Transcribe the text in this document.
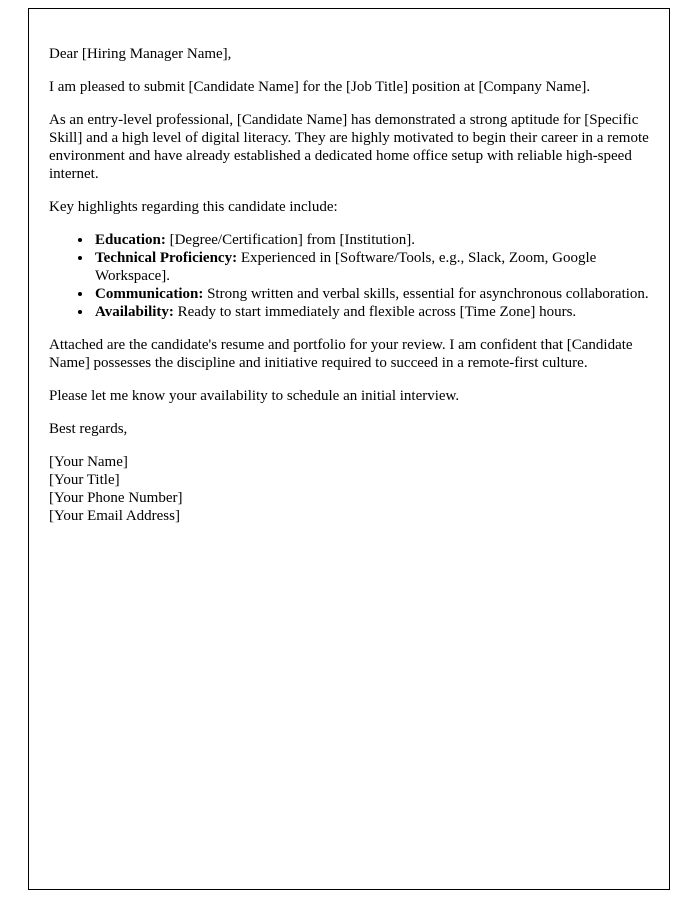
Dear [Hiring Manager Name],

I am pleased to submit [Candidate Name] for the [Job Title] position at [Company Name].

As an entry-level professional, [Candidate Name] has demonstrated a strong aptitude for [Specific Skill] and a high level of digital literacy. They are highly motivated to begin their career in a remote environment and have already established a dedicated home office setup with reliable high-speed internet.

Key highlights regarding this candidate include:

• Education: [Degree/Certification] from [Institution].
• Technical Proficiency: Experienced in [Software/Tools, e.g., Slack, Zoom, Google Workspace].
• Communication: Strong written and verbal skills, essential for asynchronous collaboration.
• Availability: Ready to start immediately and flexible across [Time Zone] hours.

Attached are the candidate's resume and portfolio for your review. I am confident that [Candidate Name] possesses the discipline and initiative required to succeed in a remote-first culture.

Please let me know your availability to schedule an initial interview.

Best regards,

[Your Name]
[Your Title]
[Your Phone Number]
[Your Email Address]
